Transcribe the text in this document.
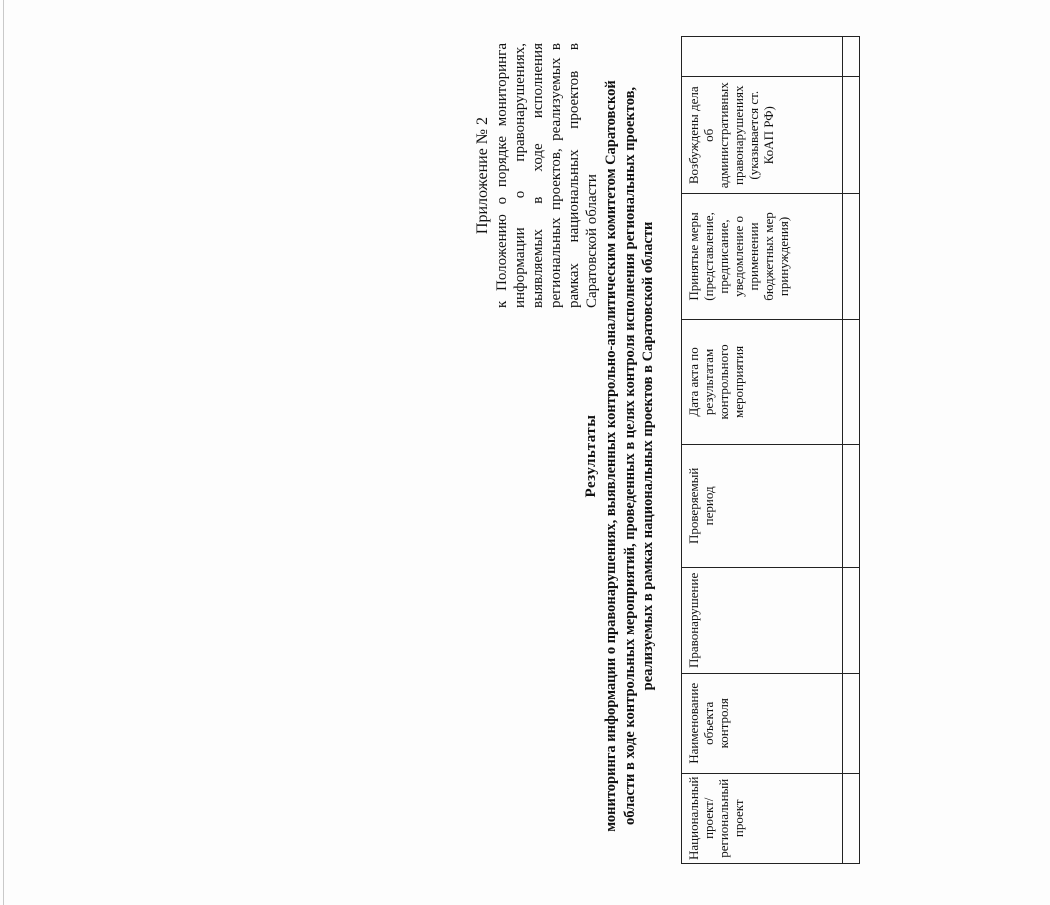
Приложение № 2 к Положению о порядке мониторинга информации о правонарушениях, выявляемых в ходе исполнения региональных проектов, реализуемых в рамках национальных проектов в Саратовской области

Результаты мониторинга информации о правонарушениях, выявленных контрольно-аналитическим комитетом Саратовской области в ходе контрольных мероприятий, проведенных в целях контроля исполнения региональных проектов, реализуемых в рамках национальных проектов в Саратовской области
Национальный проект/ региональный проект	Наименование объекта контроля	Правонарушение	Проверяемый период	Дата акта по результатам контрольного мероприятия	Принятые меры (представление, предписание, уведомление о применении бюджетных мер принуждения)	Возбуждены дела об административных правонарушениях (указывается ст. КоАП РФ)	
